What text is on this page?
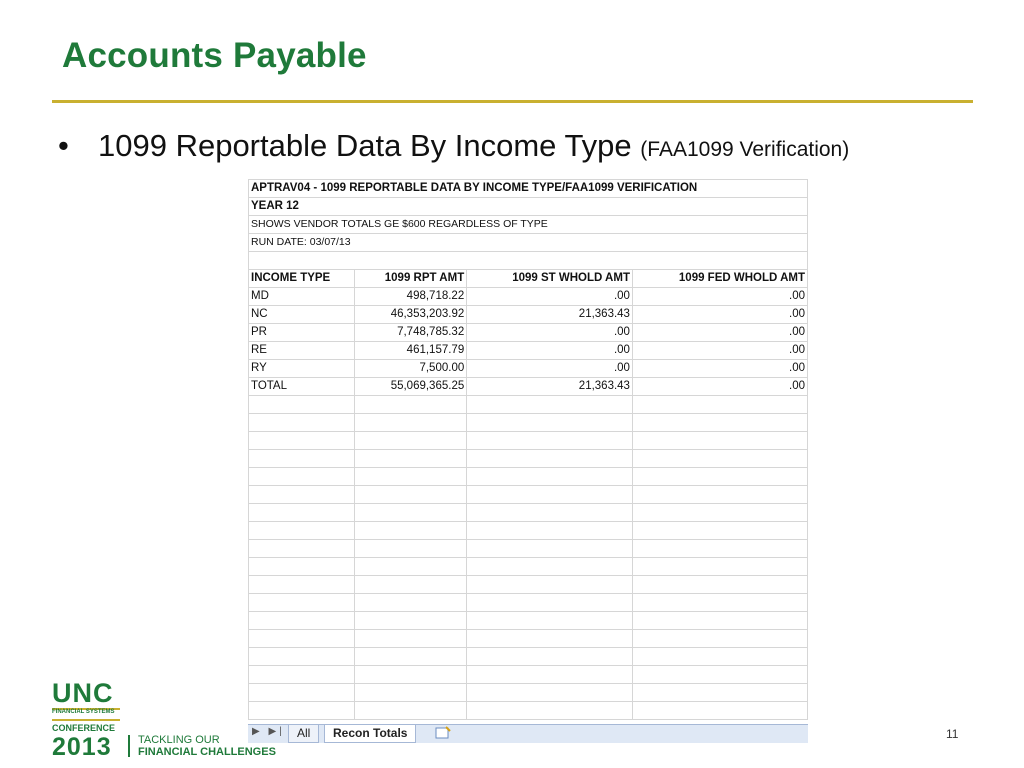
Accounts Payable
• 1099 Reportable Data By Income Type (FAA1099 Verification)
APTRAV04 - 1099 REPORTABLE DATA BY INCOME TYPE/FAA1099 VERIFICATION			
YEAR 12			
SHOWS VENDOR TOTALS GE $600 REGARDLESS OF TYPE			
RUN DATE: 03/07/13			

INCOME TYPE	1099 RPT AMT	1099 ST WHOLD AMT	1099 FED WHOLD AMT
MD	498,718.22	.00	.00
NC	46,353,203.92	21,363.43	.00
PR	7,748,785.32	.00	.00
RE	461,157.79	.00	.00
RY	7,500.00	.00	.00
TOTAL	55,069,365.25	21,363.43	.00

▶ ▶|	All	Recon Totals
UNC
FINANCIAL SYSTEMS
CONFERENCE
2013 TACKLING OUR
FINANCIAL CHALLENGES
11
